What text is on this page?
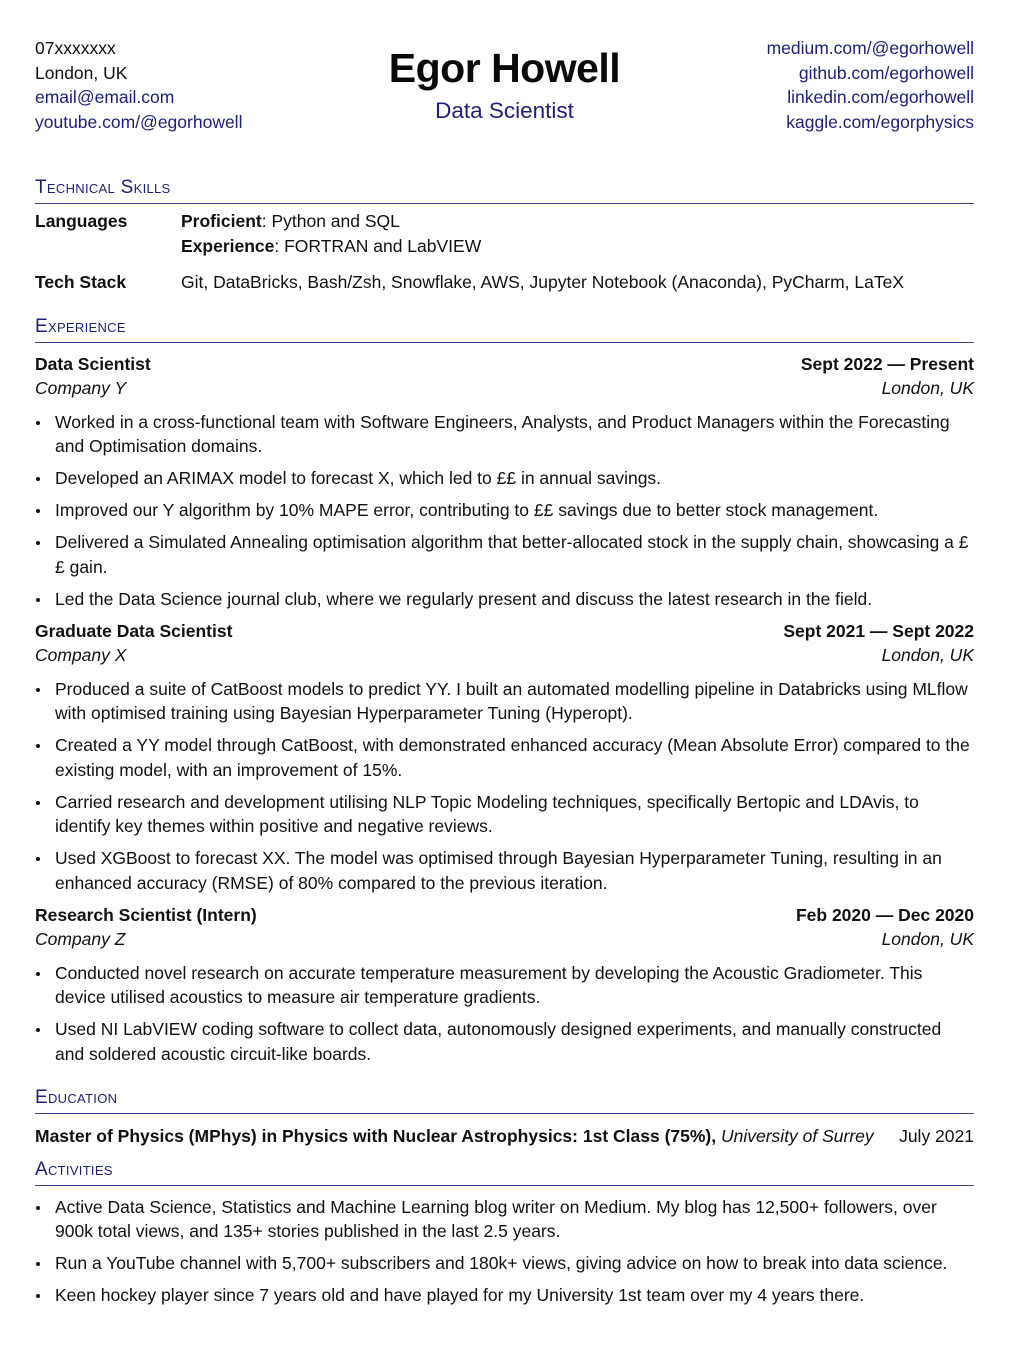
07xxxxxxx
London, UK
email@email.com
youtube.com/@egorhowell
Egor Howell
Data Scientist
medium.com/@egorhowell
github.com/egorhowell
linkedin.com/egorhowell
kaggle.com/egorphysics
Technical Skills
Languages	Proficient: Python and SQL
Experience: FORTRAN and LabVIEW
Tech Stack	Git, DataBricks, Bash/Zsh, Snowflake, AWS, Jupyter Notebook (Anaconda), PyCharm, LaTeX
Experience
Data Scientist	Sept 2022 — Present
Company Y	London, UK
Worked in a cross-functional team with Software Engineers, Analysts, and Product Managers within the Forecasting and Optimisation domains.
Developed an ARIMAX model to forecast X, which led to ££ in annual savings.
Improved our Y algorithm by 10% MAPE error, contributing to ££ savings due to better stock management.
Delivered a Simulated Annealing optimisation algorithm that better-allocated stock in the supply chain, showcasing a ££ gain.
Led the Data Science journal club, where we regularly present and discuss the latest research in the field.
Graduate Data Scientist	Sept 2021 — Sept 2022
Company X	London, UK
Produced a suite of CatBoost models to predict YY. I built an automated modelling pipeline in Databricks using MLflow with optimised training using Bayesian Hyperparameter Tuning (Hyperopt).
Created a YY model through CatBoost, with demonstrated enhanced accuracy (Mean Absolute Error) compared to the existing model, with an improvement of 15%.
Carried research and development utilising NLP Topic Modeling techniques, specifically Bertopic and LDAvis, to identify key themes within positive and negative reviews.
Used XGBoost to forecast XX. The model was optimised through Bayesian Hyperparameter Tuning, resulting in an enhanced accuracy (RMSE) of 80% compared to the previous iteration.
Research Scientist (Intern)	Feb 2020 — Dec 2020
Company Z	London, UK
Conducted novel research on accurate temperature measurement by developing the Acoustic Gradiometer. This device utilised acoustics to measure air temperature gradients.
Used NI LabVIEW coding software to collect data, autonomously designed experiments, and manually constructed and soldered acoustic circuit-like boards.
Education
Master of Physics (MPhys) in Physics with Nuclear Astrophysics: 1st Class (75%), University of Surrey July 2021
Activities
Active Data Science, Statistics and Machine Learning blog writer on Medium. My blog has 12,500+ followers, over 900k total views, and 135+ stories published in the last 2.5 years.
Run a YouTube channel with 5,700+ subscribers and 180k+ views, giving advice on how to break into data science.
Keen hockey player since 7 years old and have played for my University 1st team over my 4 years there.
